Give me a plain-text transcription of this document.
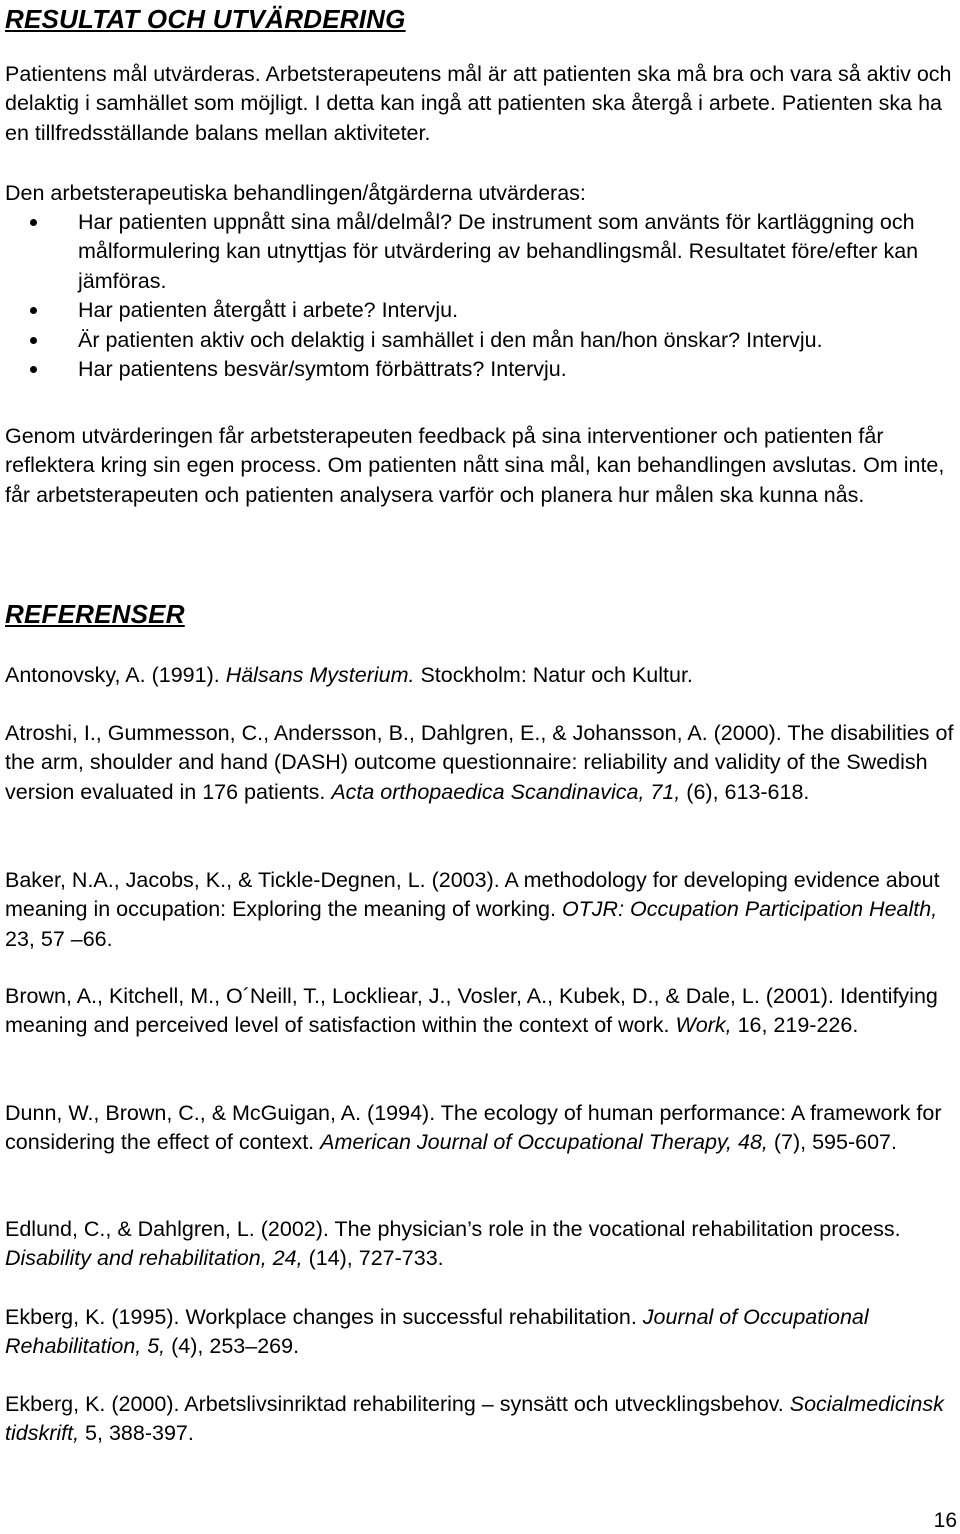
RESULTAT OCH UTVÄRDERING

Patientens mål utvärderas. Arbetsterapeutens mål är att patienten ska må bra och vara så aktiv och delaktig i samhället som möjligt. I detta kan ingå att patienten ska återgå i arbete. Patienten ska ha en tillfredsställande balans mellan aktiviteter.

Den arbetsterapeutiska behandlingen/åtgärderna utvärderas:

Har patienten uppnått sina mål/delmål? De instrument som använts för kartläggning och målformulering kan utnyttjas för utvärdering av behandlingsmål. Resultatet före/efter kan jämföras.
Har patienten återgått i arbete? Intervju.
Är patienten aktiv och delaktig i samhället i den mån han/hon önskar? Intervju.
Har patientens besvär/symtom förbättrats? Intervju.

Genom utvärderingen får arbetsterapeuten feedback på sina interventioner och patienten får reflektera kring sin egen process. Om patienten nått sina mål, kan behandlingen avslutas. Om inte, får arbetsterapeuten och patienten analysera varför och planera hur målen ska kunna nås.

REFERENSER

Antonovsky, A. (1991). Hälsans Mysterium. Stockholm: Natur och Kultur.

Atroshi, I., Gummesson, C., Andersson, B., Dahlgren, E., & Johansson, A. (2000). The disabilities of the arm, shoulder and hand (DASH) outcome questionnaire: reliability and validity of the Swedish version evaluated in 176 patients. Acta orthopaedica Scandinavica, 71, (6), 613-618.

Baker, N.A., Jacobs, K., & Tickle-Degnen, L. (2003). A methodology for developing evidence about meaning in occupation: Exploring the meaning of working. OTJR: Occupation Participation Health, 23, 57 –66.

Brown, A., Kitchell, M., O´Neill, T., Lockliear, J., Vosler, A., Kubek, D., & Dale, L. (2001). Identifying meaning and perceived level of satisfaction within the context of work. Work, 16, 219-226.

Dunn, W., Brown, C., & McGuigan, A. (1994). The ecology of human performance: A framework for considering the effect of context. American Journal of Occupational Therapy, 48, (7), 595-607.

Edlund, C., & Dahlgren, L. (2002). The physician’s role in the vocational rehabilitation process. Disability and rehabilitation, 24, (14), 727-733.

Ekberg, K. (1995). Workplace changes in successful rehabilitation. Journal of Occupational Rehabilitation, 5, (4), 253–269.

Ekberg, K. (2000). Arbetslivsinriktad rehabilitering – synsätt och utvecklingsbehov. Socialmedicinsk tidskrift, 5, 388-397.

16
